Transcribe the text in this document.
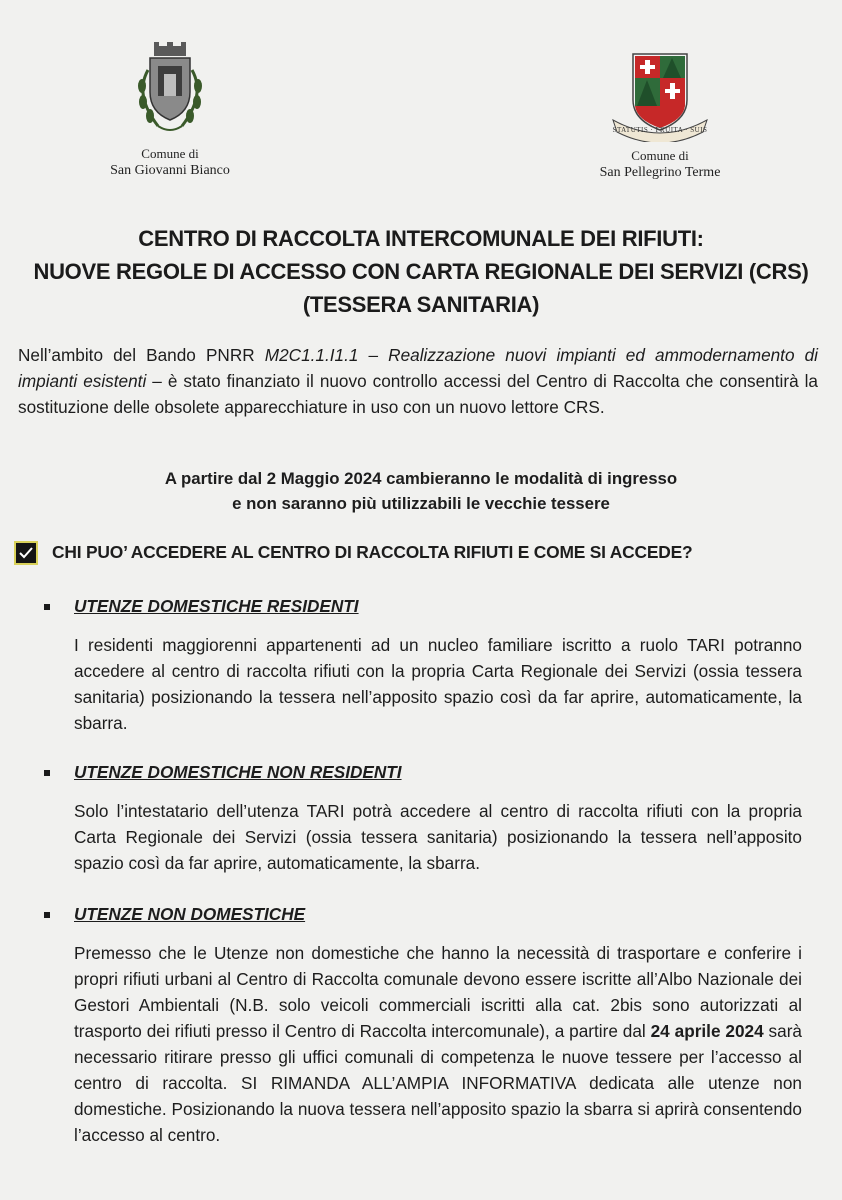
Comune di
San Giovanni Bianco
STATUTIS · FRUITA · SUIS
Comune di
San Pellegrino Terme
CENTRO DI RACCOLTA INTERCOMUNALE DEI RIFIUTI:
NUOVE REGOLE DI ACCESSO CON CARTA REGIONALE DEI SERVIZI (CRS)
(TESSERA SANITARIA)
Nell’ambito del Bando PNRR M2C1.1.I1.1 – Realizzazione nuovi impianti ed ammodernamento di impianti esistenti – è stato finanziato il nuovo controllo accessi del Centro di Raccolta che consentirà la sostituzione delle obsolete apparecchiature in uso con un nuovo lettore CRS.
A partire dal 2 Maggio 2024 cambieranno le modalità di ingresso
e non saranno più utilizzabili le vecchie tessere
CHI PUO’ ACCEDERE AL CENTRO DI RACCOLTA RIFIUTI E COME SI ACCEDE?
UTENZE DOMESTICHE RESIDENTI
I residenti maggiorenni appartenenti ad un nucleo familiare iscritto a ruolo TARI potranno accedere al centro di raccolta rifiuti con la propria Carta Regionale dei Servizi (ossia tessera sanitaria) posizionando la tessera nell’apposito spazio così da far aprire, automaticamente, la sbarra.
UTENZE DOMESTICHE NON RESIDENTI
Solo l’intestatario dell’utenza TARI potrà accedere al centro di raccolta rifiuti con la propria Carta Regionale dei Servizi (ossia tessera sanitaria) posizionando la tessera nell’apposito spazio così da far aprire, automaticamente, la sbarra.
UTENZE NON DOMESTICHE
Premesso che le Utenze non domestiche che hanno la necessità di trasportare e conferire i propri rifiuti urbani al Centro di Raccolta comunale devono essere iscritte all’Albo Nazionale dei Gestori Ambientali (N.B. solo veicoli commerciali iscritti alla cat. 2bis sono autorizzati al trasporto dei rifiuti presso il Centro di Raccolta intercomunale), a partire dal 24 aprile 2024 sarà necessario ritirare presso gli uffici comunali di competenza le nuove tessere per l’accesso al centro di raccolta. SI RIMANDA ALL’AMPIA INFORMATIVA dedicata alle utenze non domestiche. Posizionando la nuova tessera nell’apposito spazio la sbarra si aprirà consentendo l’accesso al centro.
